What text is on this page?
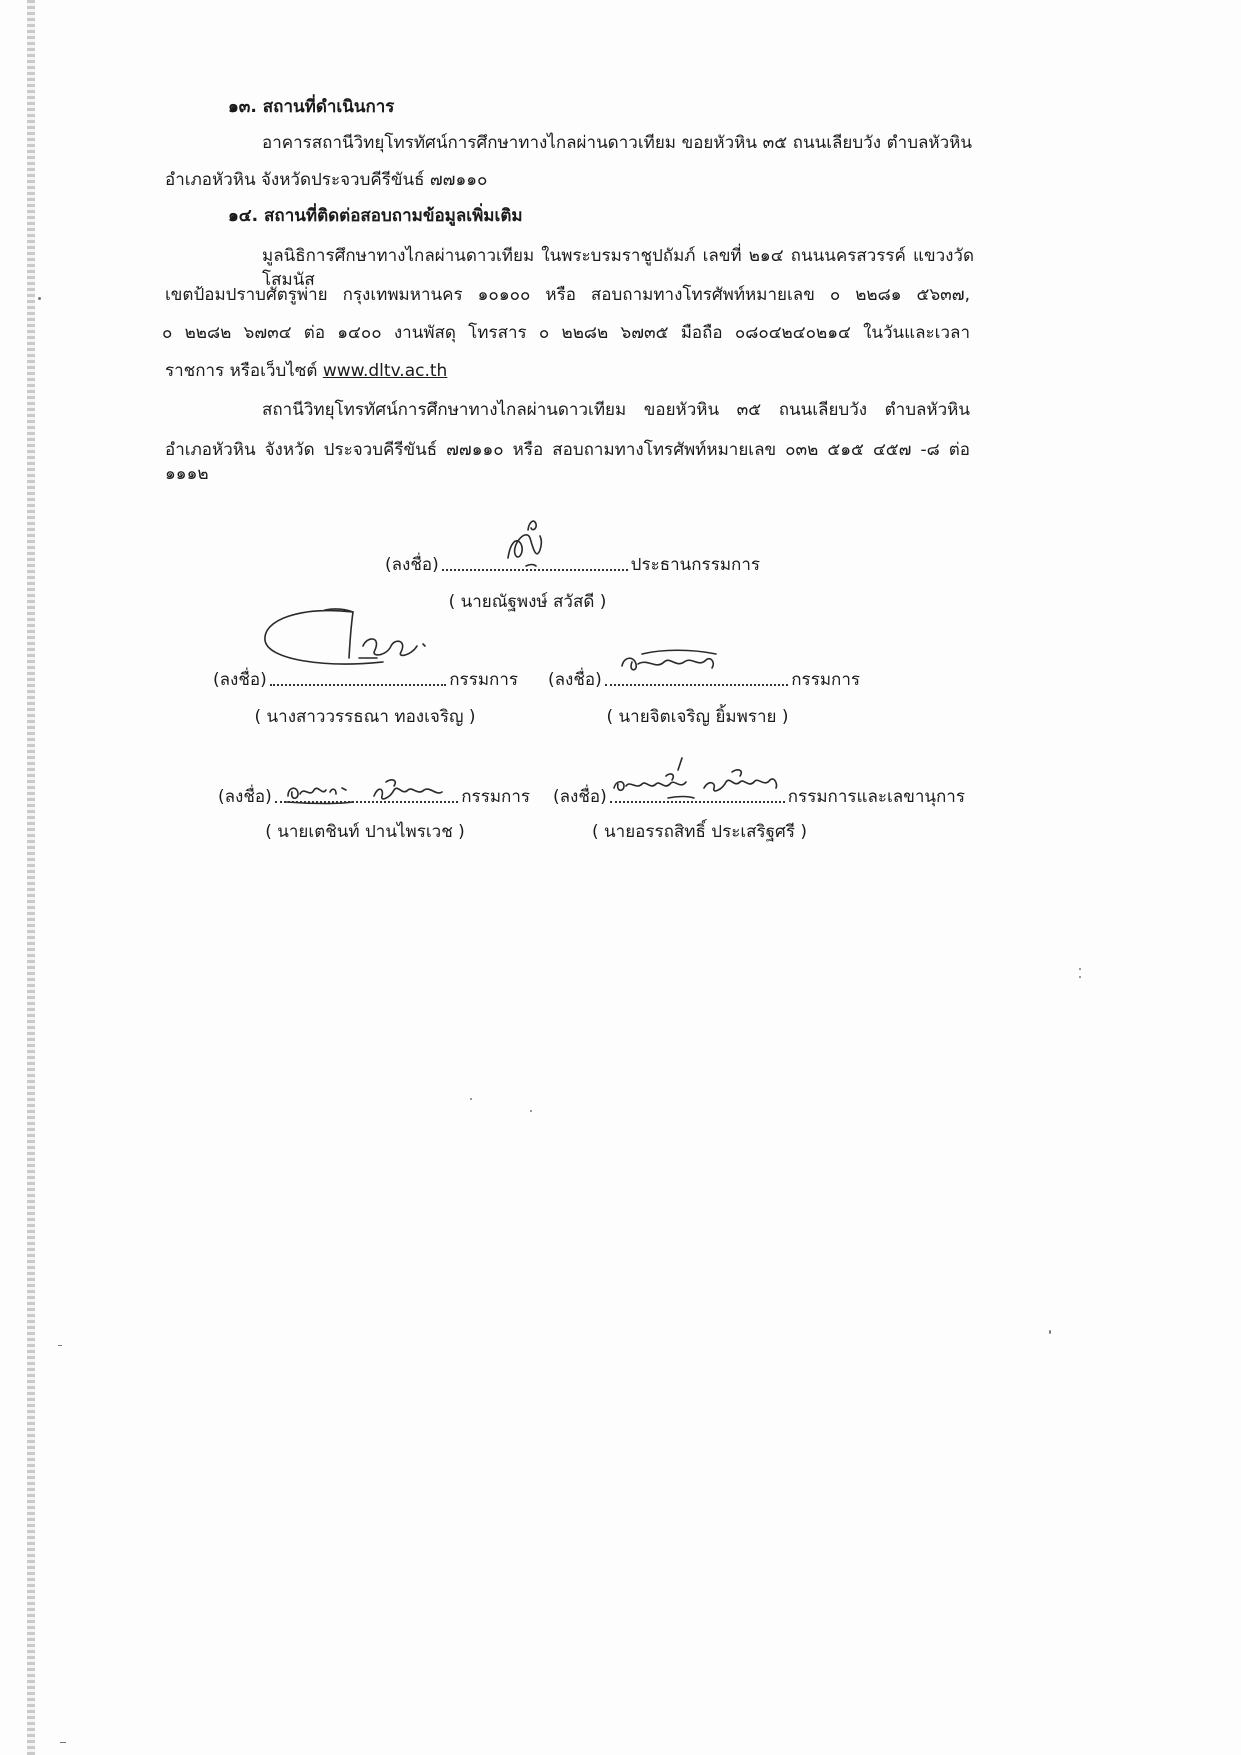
๑๓. สถานที่ดำเนินการ
อาคารสถานีวิทยุโทรทัศน์การศึกษาทางไกลผ่านดาวเทียม ขอยหัวหิน ๓๕ ถนนเลียบวัง ตำบลหัวหิน
อำเภอหัวหิน จังหวัดประจวบคีรีขันธ์ ๗๗๑๑๐
๑๔. สถานที่ติดต่อสอบถามข้อมูลเพิ่มเติม
มูลนิธิการศึกษาทางไกลผ่านดาวเทียม ในพระบรมราชูปถัมภ์ เลขที่ ๒๑๔ ถนนนครสวรรค์ แขวงวัดโสมนัส
เขตป้อมปราบศัตรูพ่าย กรุงเทพมหานคร ๑๐๑๐๐ หรือ สอบถามทางโทรศัพท์หมายเลข ๐ ๒๒๘๑ ๕๖๓๗,
๐ ๒๒๘๒ ๖๗๓๔ ต่อ ๑๔๐๐ งานพัสดุ โทรสาร ๐ ๒๒๘๒ ๖๗๓๕ มือถือ ๐๘๐๔๒๔๐๒๑๔ ในวันและเวลา
ราชการ หรือเว็บไซต์ www.dltv.ac.th
สถานีวิทยุโทรทัศน์การศึกษาทางไกลผ่านดาวเทียม ขอยหัวหิน ๓๕ ถนนเลียบวัง ตำบลหัวหิน
อำเภอหัวหิน จังหวัด ประจวบคีรีขันธ์ ๗๗๑๑๐ หรือ สอบถามทางโทรศัพท์หมายเลข ๐๓๒ ๕๑๕ ๔๕๗ -๘ ต่อ ๑๑๑๒
(ลงชื่อ)	ประธานกรรมการ
( นายณัฐพงษ์ สวัสดี )
(ลงชื่อ)	กรรมการ
( นางสาววรรธณา ทองเจริญ )
(ลงชื่อ)	กรรมการ
( นายจิตเจริญ ยิ้มพราย )
(ลงชื่อ)	กรรมการ
( นายเตชินท์ ปานไพรเวช )
(ลงชื่อ)	กรรมการและเลขานุการ
( นายอรรถสิทธิ์ ประเสริฐศรี )
